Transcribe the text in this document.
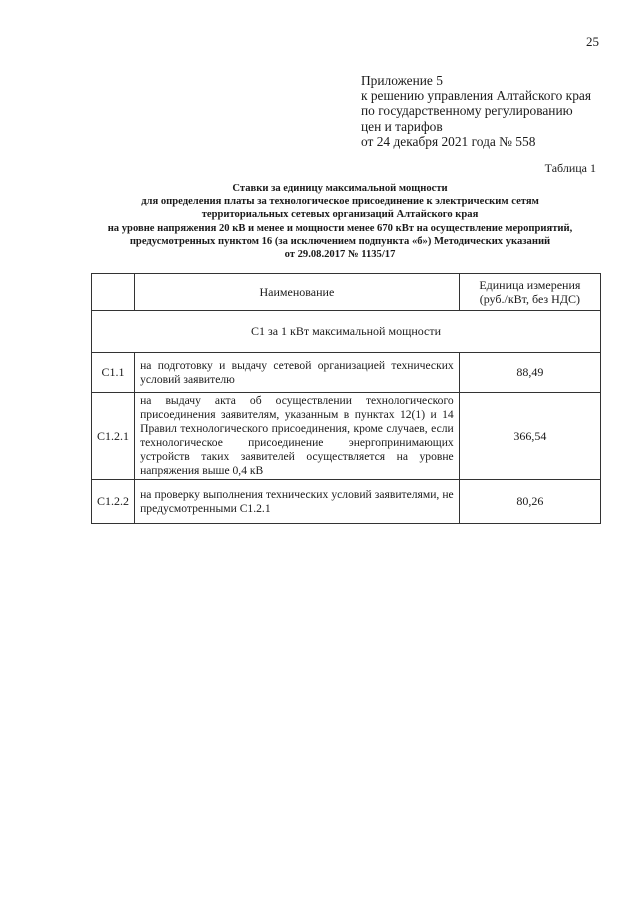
25
Приложение 5
к решению управления Алтайского края
по государственному регулированию
цен и тарифов
от 24 декабря 2021 года № 558
Таблица 1
Ставки за единицу максимальной мощности
для определения платы за технологическое присоединение к электрическим сетям
территориальных сетевых организаций Алтайского края
на уровне напряжения 20 кВ и менее и мощности менее 670 кВт на осуществление мероприятий,
предусмотренных пунктом 16 (за исключением подпункта «б») Методических указаний
от 29.08.2017 № 1135/17
	Наименование	Единица измерения (руб./кВт, без НДС)
С1 за 1 кВт максимальной мощности		
С1.1	на подготовку и выдачу сетевой организацией технических условий заявителю	88,49
С1.2.1	на выдачу акта об осуществлении технологического присоединения заявителям, указанным в пунктах 12(1) и 14 Правил технологического присоединения, кроме случаев, если технологическое присоединение энергопринимающих устройств таких заявителей осуществляется на уровне напряжения выше 0,4 кВ	366,54
С1.2.2	на проверку выполнения технических условий заявителями, не предусмотренными С1.2.1	80,26
